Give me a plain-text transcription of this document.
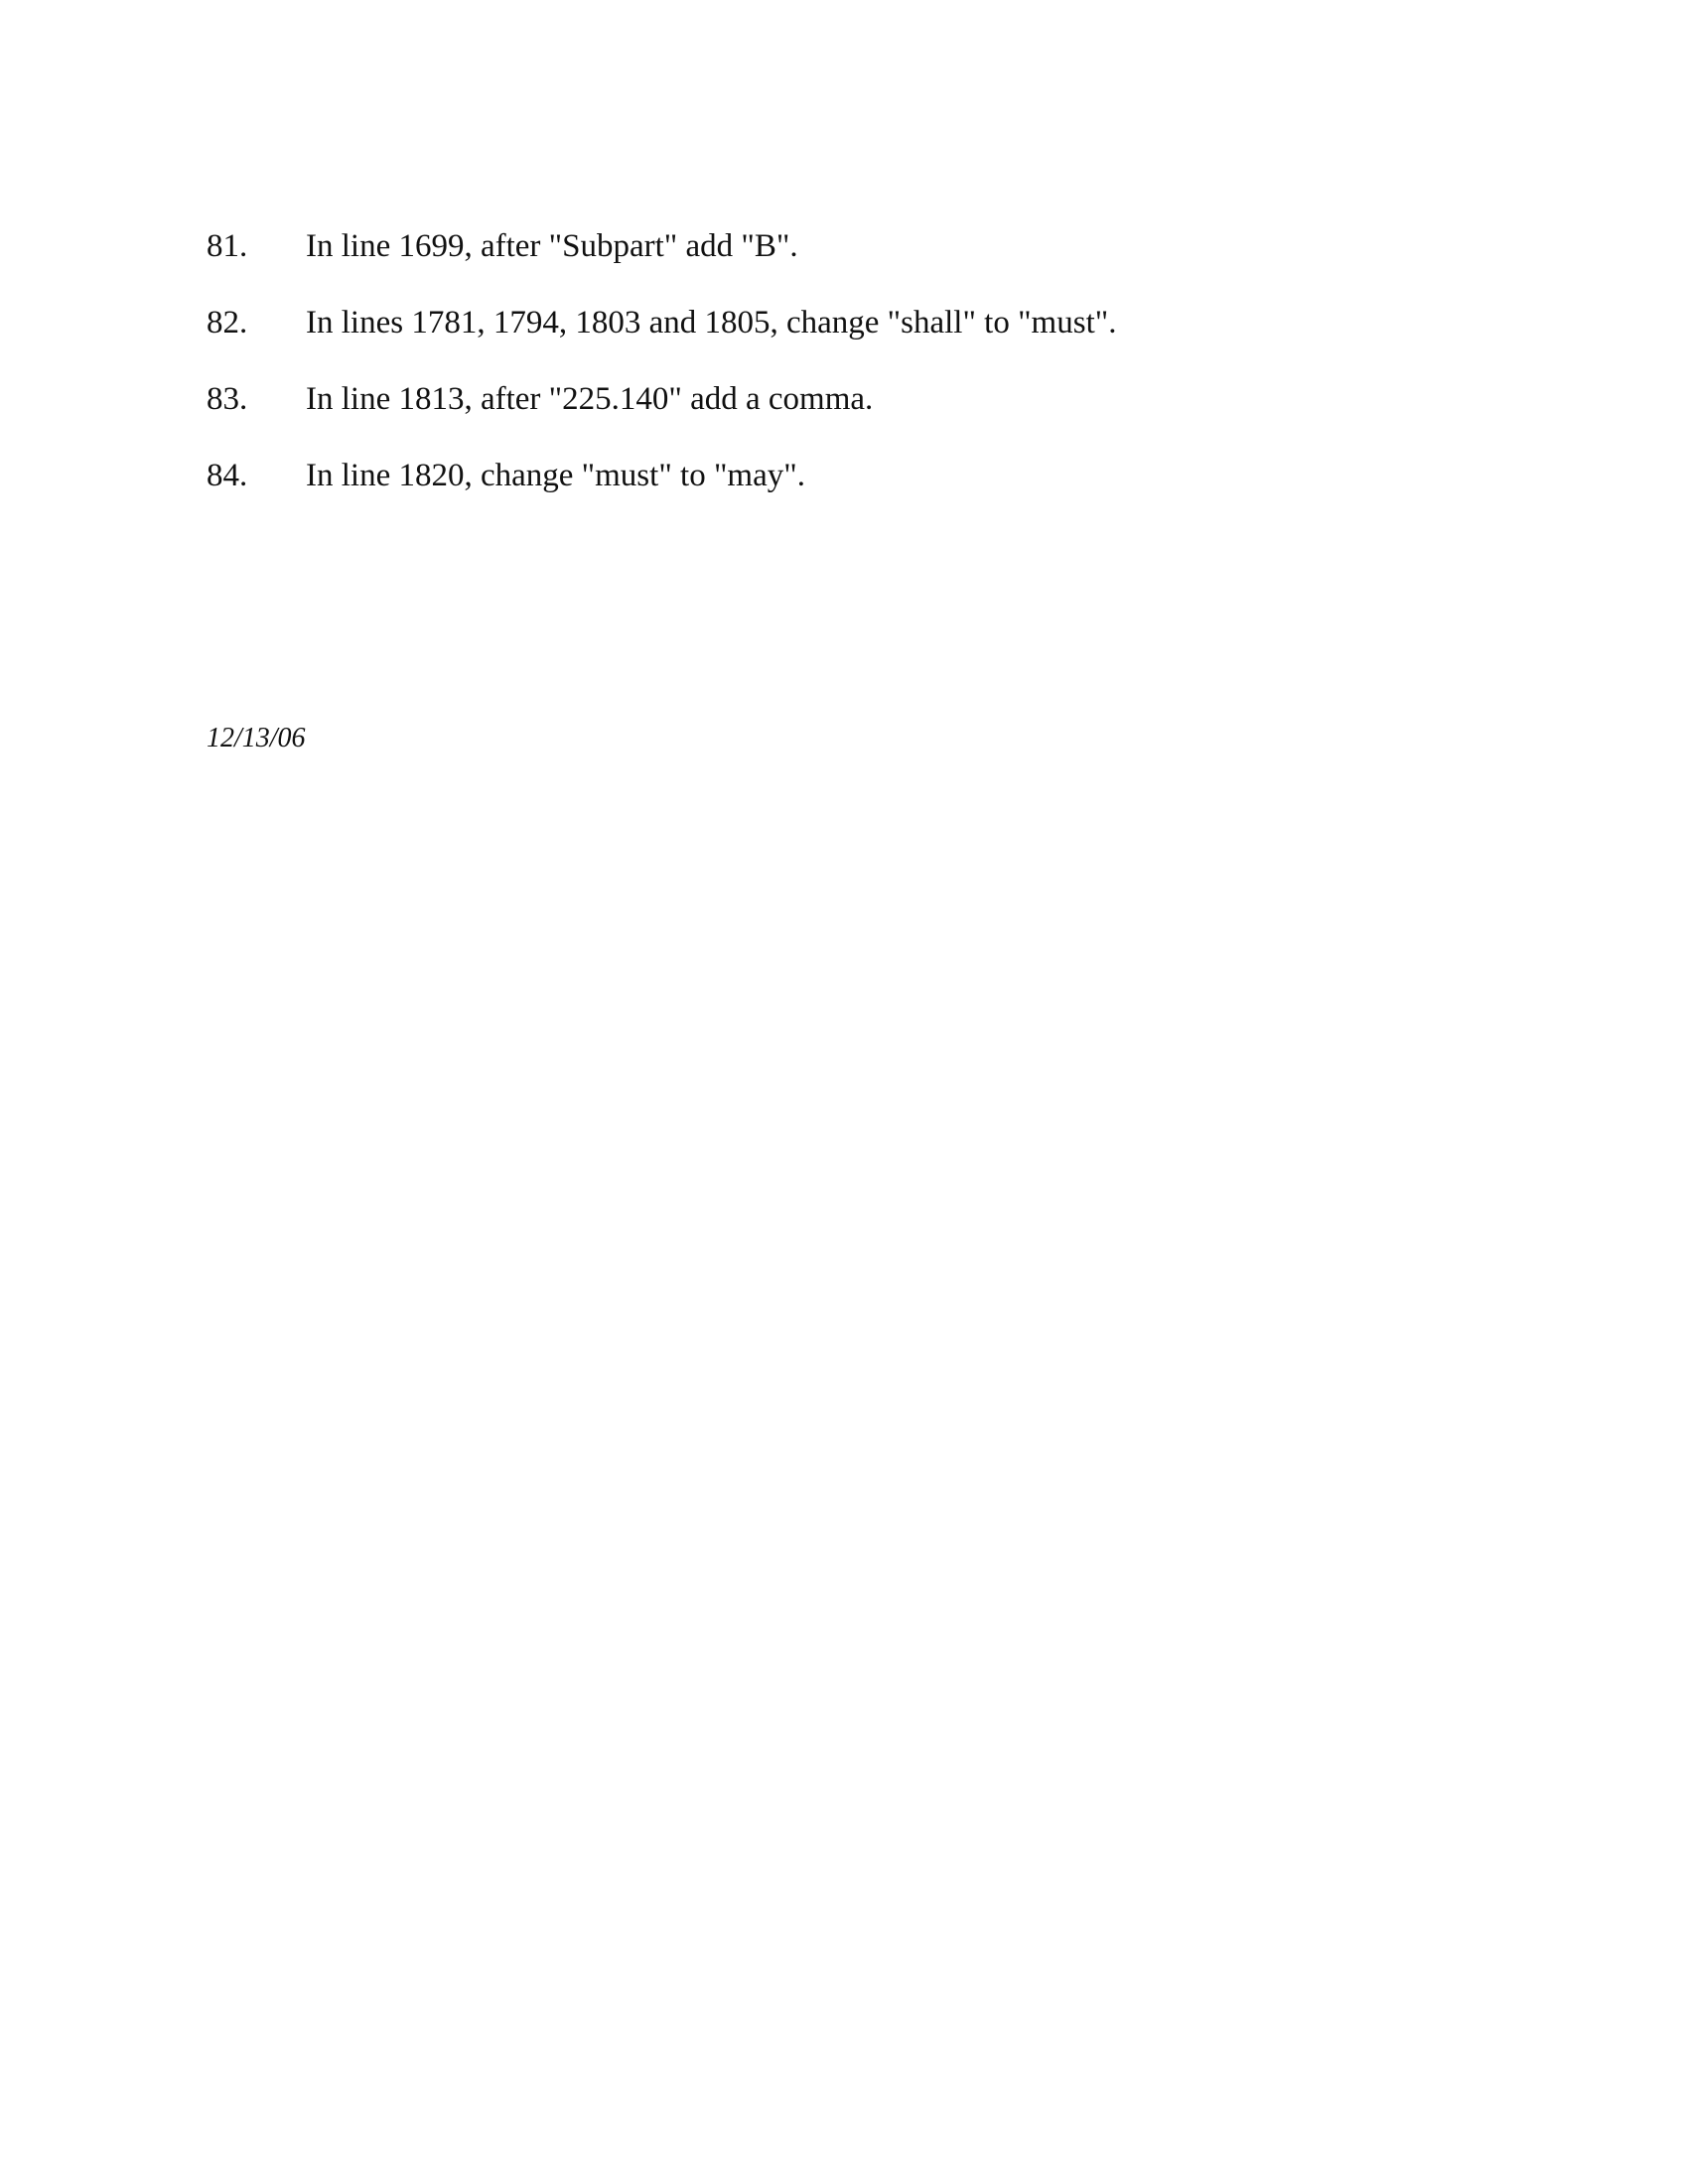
81.	In line 1699, after "Subpart" add "B".
82.	In lines 1781, 1794, 1803 and 1805, change "shall" to "must".
83.	In line 1813, after "225.140" add a comma.
84.	In line 1820, change "must" to "may".
12/13/06
